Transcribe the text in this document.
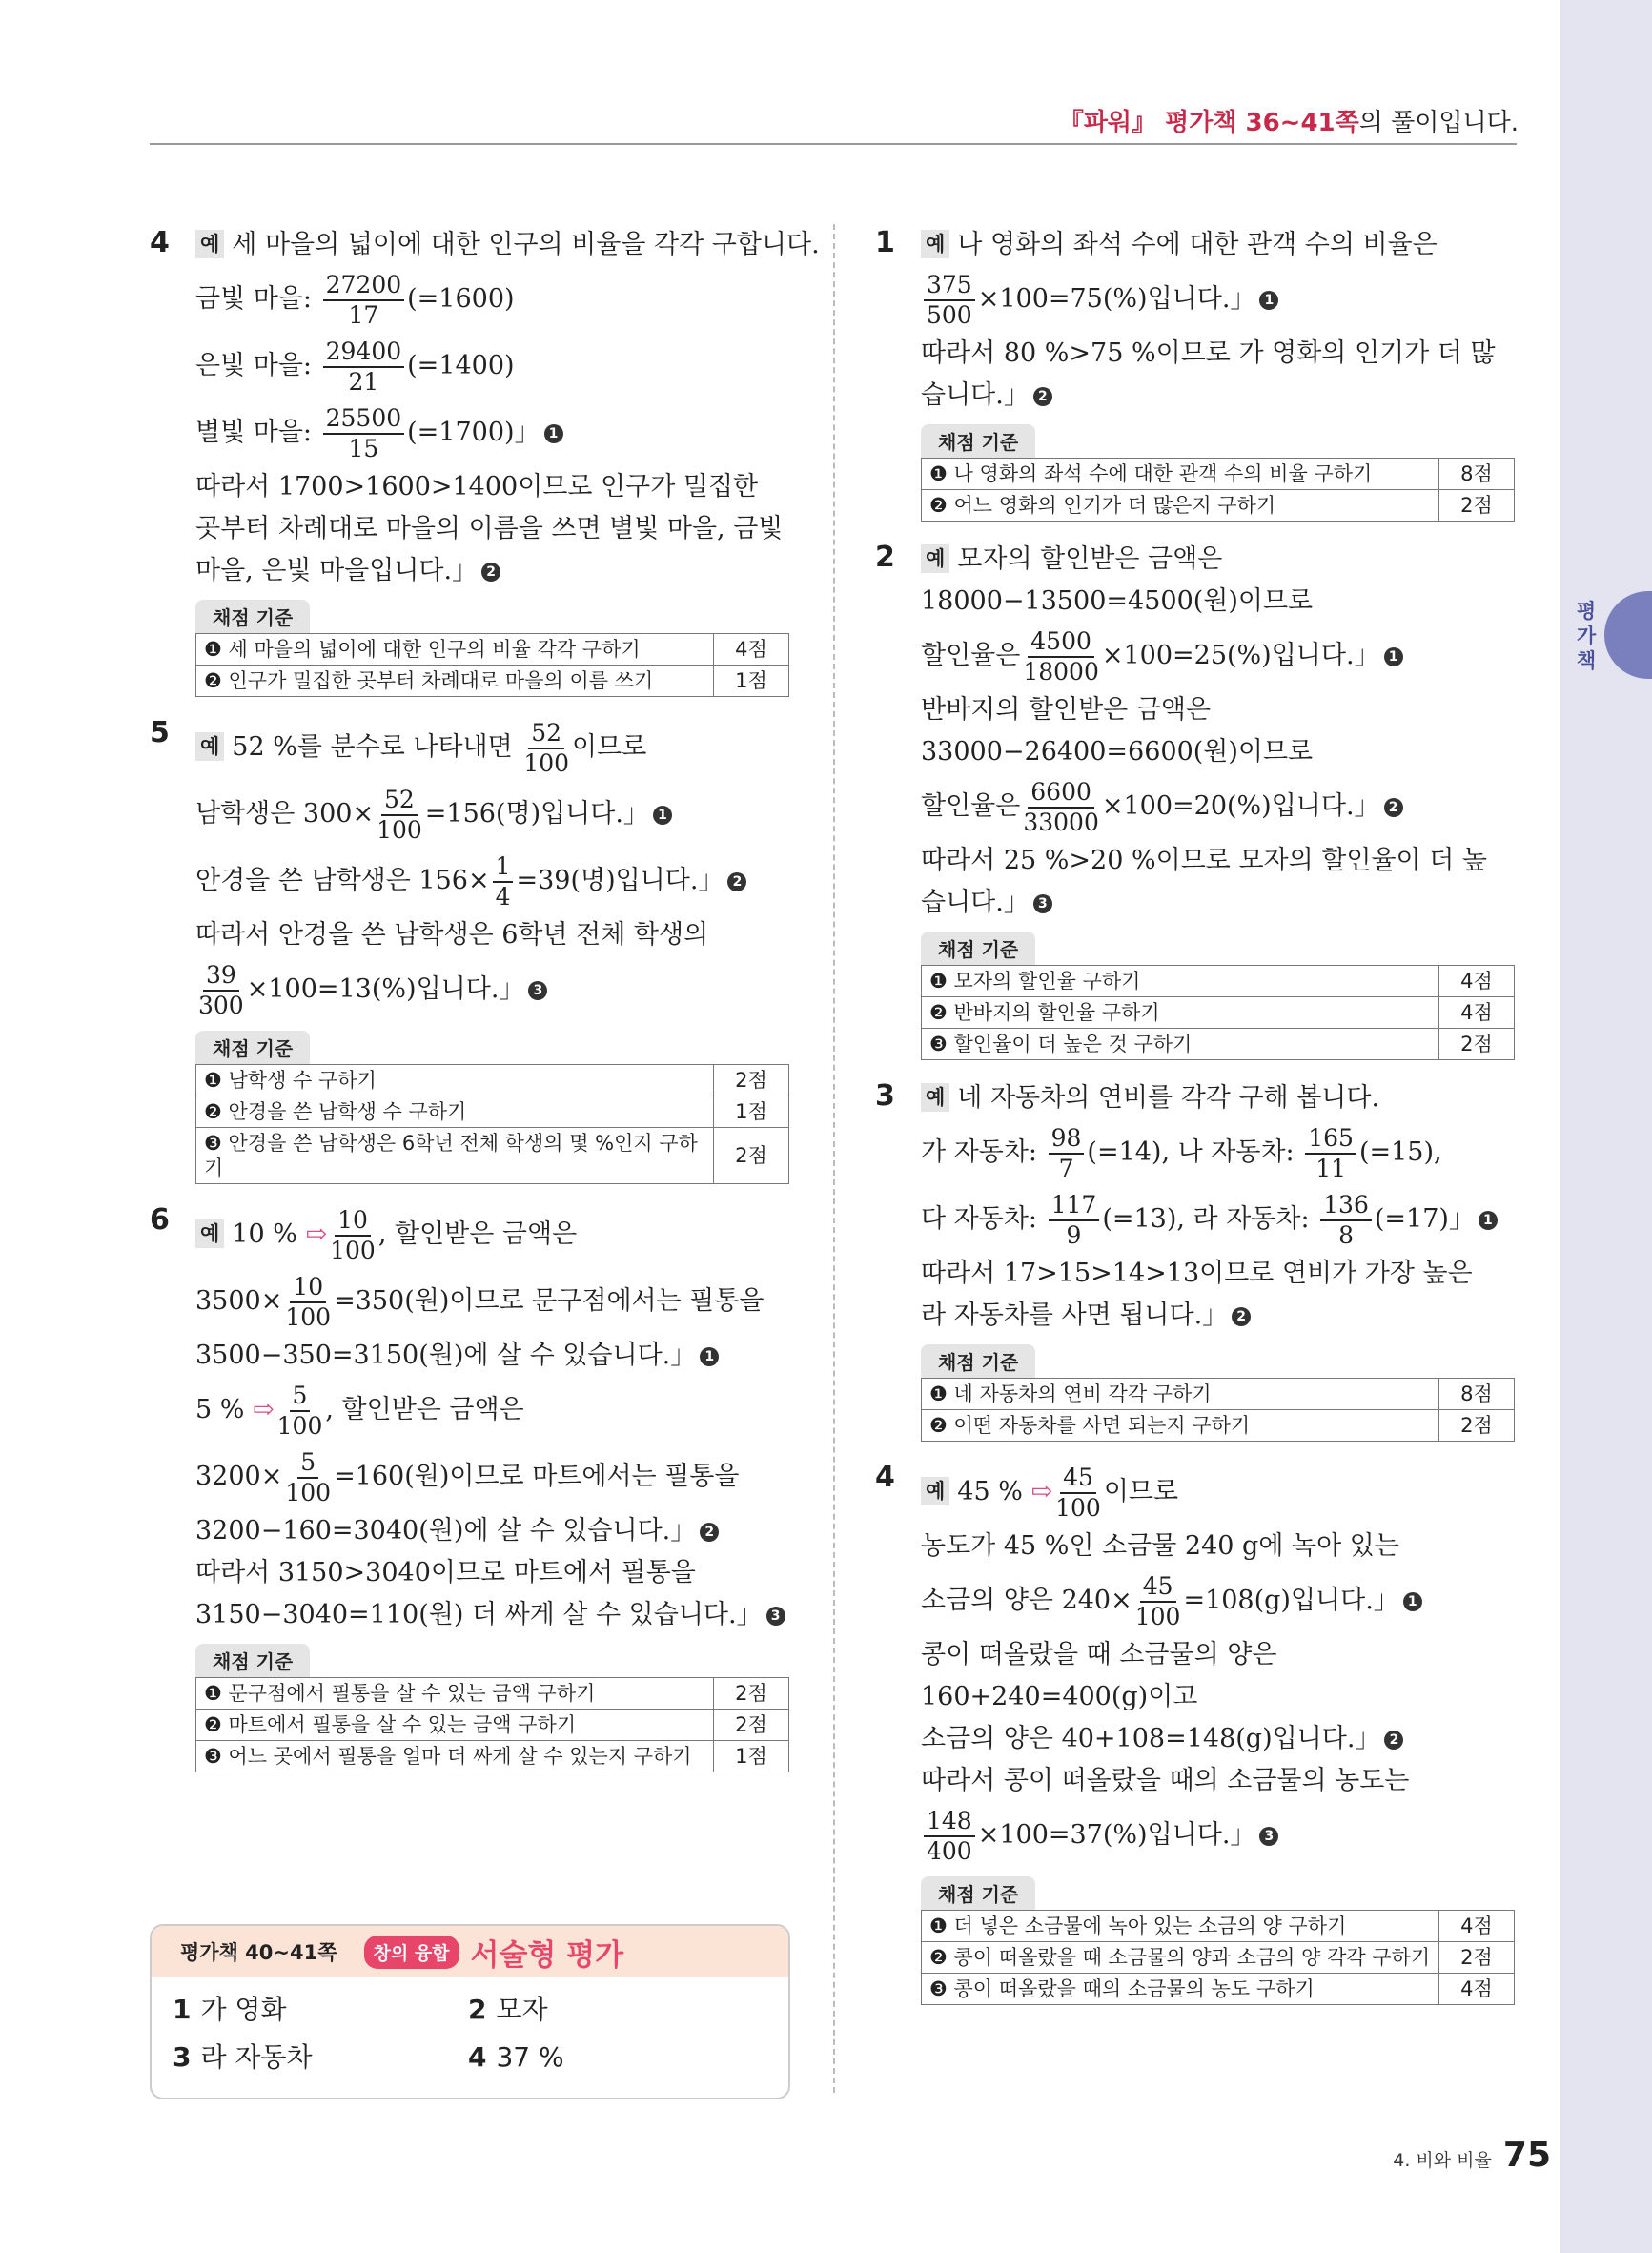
평가책
『파워』 평가책 36~41쪽의 풀이입니다.
4 예 세 마을의 넓이에 대한 인구의 비율을 각각 구합니다.
금빛 마을: $\frac{27200}{17} (=1600)$
은빛 마을: $\frac{29400}{21} (=1400)$
별빛 마을: $\frac{25500}{15} (=1700)$」 1
따라서 1700>1600>1400이므로 인구가 밀집한
곳부터 차례대로 마을의 이름을 쓰면 별빛 마을, 금빛
마을, 은빛 마을입니다.」 2
채점 기준
❶ 세 마을의 넓이에 대한 인구의 비율 각각 구하기	4점
❷ 인구가 밀집한 곳부터 차례대로 마을의 이름 쓰기	1점
5 예 52 %를 분수로 나타내면 $\frac{52}{100}$ 이므로
남학생은 $300\times \frac{52}{100} =156$(명)입니다.」 1
안경을 쓴 남학생은 $156\times \frac{1}{4} =39$(명)입니다.」 2
따라서 안경을 쓴 남학생은 6학년 전체 학생의
$\frac{39}{300} \times 100=13(\%)$입니다.」 3
채점 기준
❶ 남학생 수 구하기	2점
❷ 안경을 쓴 남학생 수 구하기	1점
❸ 안경을 쓴 남학생은 6학년 전체 학생의 몇 %인지 구하기	2점
6 예 10 % ⇨ $\frac{10}{100}$ , 할인받은 금액은
$3500\times \frac{10}{100} =350$(원)이므로 문구점에서는 필통을
3500−350=3150(원)에 살 수 있습니다.」 1
5 % ⇨ $\frac{5}{100}$ , 할인받은 금액은
$3200\times \frac{5}{100} =160$(원)이므로 마트에서는 필통을
3200−160=3040(원)에 살 수 있습니다.」 2
따라서 3150>3040이므로 마트에서 필통을
3150−3040=110(원) 더 싸게 살 수 있습니다.」 3
채점 기준
❶ 문구점에서 필통을 살 수 있는 금액 구하기	2점
❷ 마트에서 필통을 살 수 있는 금액 구하기	2점
❸ 어느 곳에서 필통을 얼마 더 싸게 살 수 있는지 구하기	1점
평가책 40~41쪽	창의 융합 서술형 평가
1 가 영화	2 모자
3 라 자동차	4 37 %
1 예 나 영화의 좌석 수에 대한 관객 수의 비율은
$\frac{375}{500} \times 100=75(\%)$입니다.」 1
따라서 80 %>75 %이므로 가 영화의 인기가 더 많
습니다.」 2
채점 기준
❶ 나 영화의 좌석 수에 대한 관객 수의 비율 구하기	8점
❷ 어느 영화의 인기가 더 많은지 구하기	2점
2 예 모자의 할인받은 금액은
18000−13500=4500(원)이므로
할인율은 $\frac{4500}{18000} \times 100=25(\%)$입니다.」 1
반바지의 할인받은 금액은
33000−26400=6600(원)이므로
할인율은 $\frac{6600}{33000} \times 100=20(\%)$입니다.」 2
따라서 25 %>20 %이므로 모자의 할인율이 더 높
습니다.」 3
채점 기준
❶ 모자의 할인율 구하기	4점
❷ 반바지의 할인율 구하기	4점
❸ 할인율이 더 높은 것 구하기	2점
3 예 네 자동차의 연비를 각각 구해 봅니다.
가 자동차: $\frac{98}{7} (=14)$, 나 자동차: $\frac{165}{11} (=15)$,
다 자동차: $\frac{117}{9} (=13)$, 라 자동차: $\frac{136}{8} (=17)$」 1
따라서 17>15>14>13이므로 연비가 가장 높은
라 자동차를 사면 됩니다.」 2
채점 기준
❶ 네 자동차의 연비 각각 구하기	8점
❷ 어떤 자동차를 사면 되는지 구하기	2점
4 예 45 % ⇨ $\frac{45}{100}$ 이므로
농도가 45 %인 소금물 240 g에 녹아 있는
소금의 양은 $240\times \frac{45}{100} =108(g)$입니다.」 1
콩이 떠올랐을 때 소금물의 양은
160+240=400(g)이고
소금의 양은 40+108=148(g)입니다.」 2
따라서 콩이 떠올랐을 때의 소금물의 농도는
$\frac{148}{400} \times 100=37(\%)$입니다.」 3
채점 기준
❶ 더 넣은 소금물에 녹아 있는 소금의 양 구하기	4점
❷ 콩이 떠올랐을 때 소금물의 양과 소금의 양 각각 구하기	2점
❸ 콩이 떠올랐을 때의 소금물의 농도 구하기	4점
4. 비와 비율 75
